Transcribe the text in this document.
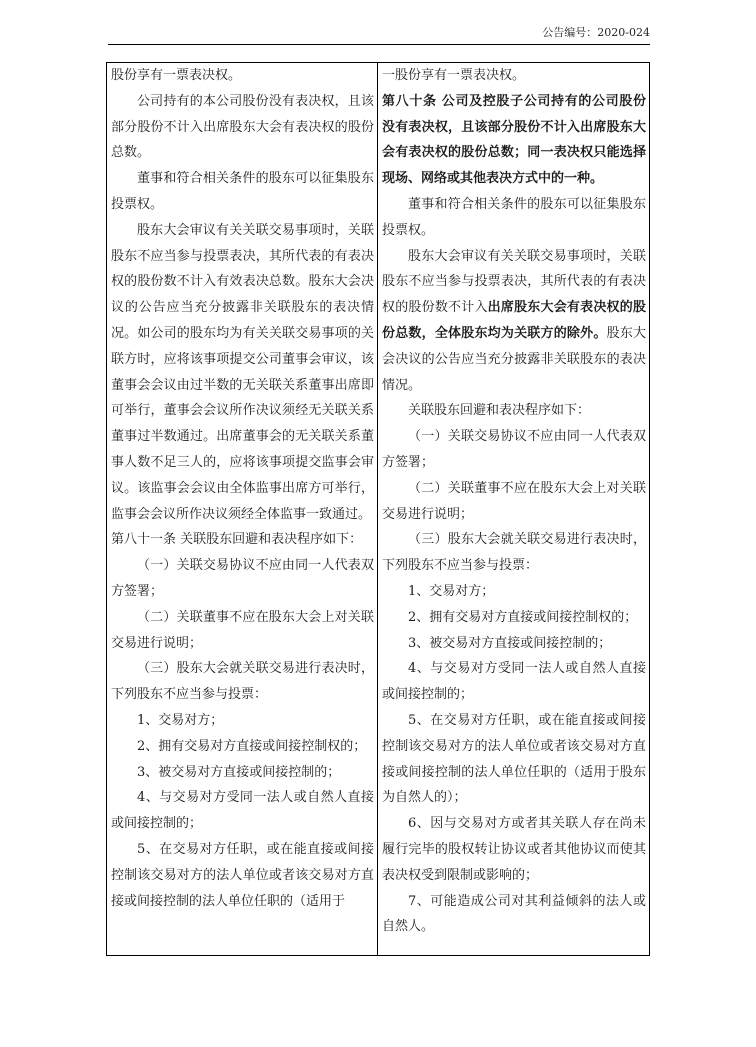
公告编号：2020-024

股份享有一票表决权。

公司持有的本公司股份没有表决权，且该部分股份不计入出席股东大会有表决权的股份总数。

董事和符合相关条件的股东可以征集股东投票权。

股东大会审议有关关联交易事项时，关联股东不应当参与投票表决，其所代表的有表决权的股份数不计入有效表决总数。股东大会决议的公告应当充分披露非关联股东的表决情况。如公司的股东均为有关关联交易事项的关联方时，应将该事项提交公司董事会审议，该董事会会议由过半数的无关联关系董事出席即可举行，董事会会议所作决议须经无关联关系董事过半数通过。出席董事会的无关联关系董事人数不足三人的，应将该事项提交监事会审议。该监事会会议由全体监事出席方可举行，监事会会议所作决议须经全体监事一致通过。

第八十一条 关联股东回避和表决程序如下：

（一）关联交易协议不应由同一人代表双方签署；

（二）关联董事不应在股东大会上对关联交易进行说明；

（三）股东大会就关联交易进行表决时，下列股东不应当参与投票：

1、交易对方；

2、拥有交易对方直接或间接控制权的；

3、被交易对方直接或间接控制的；

4、与交易对方受同一法人或自然人直接或间接控制的；

5、在交易对方任职，或在能直接或间接控制该交易对方的法人单位或者该交易对方直接或间接控制的法人单位任职的（适用于

一股份享有一票表决权。

第八十条 公司及控股子公司持有的公司股份没有表决权，且该部分股份不计入出席股东大会有表决权的股份总数；同一表决权只能选择现场、网络或其他表决方式中的一种。

董事和符合相关条件的股东可以征集股东投票权。

股东大会审议有关关联交易事项时，关联股东不应当参与投票表决，其所代表的有表决权的股份数不计入出席股东大会有表决权的股份总数，全体股东均为关联方的除外。股东大会决议的公告应当充分披露非关联股东的表决情况。

关联股东回避和表决程序如下：

（一）关联交易协议不应由同一人代表双方签署；

（二）关联董事不应在股东大会上对关联交易进行说明；

（三）股东大会就关联交易进行表决时，下列股东不应当参与投票：

1、交易对方；

2、拥有交易对方直接或间接控制权的；

3、被交易对方直接或间接控制的；

4、与交易对方受同一法人或自然人直接或间接控制的；

5、在交易对方任职，或在能直接或间接控制该交易对方的法人单位或者该交易对方直接或间接控制的法人单位任职的（适用于股东为自然人的）；

6、因与交易对方或者其关联人存在尚未履行完毕的股权转让协议或者其他协议而使其表决权受到限制或影响的；

7、可能造成公司对其利益倾斜的法人或自然人。
